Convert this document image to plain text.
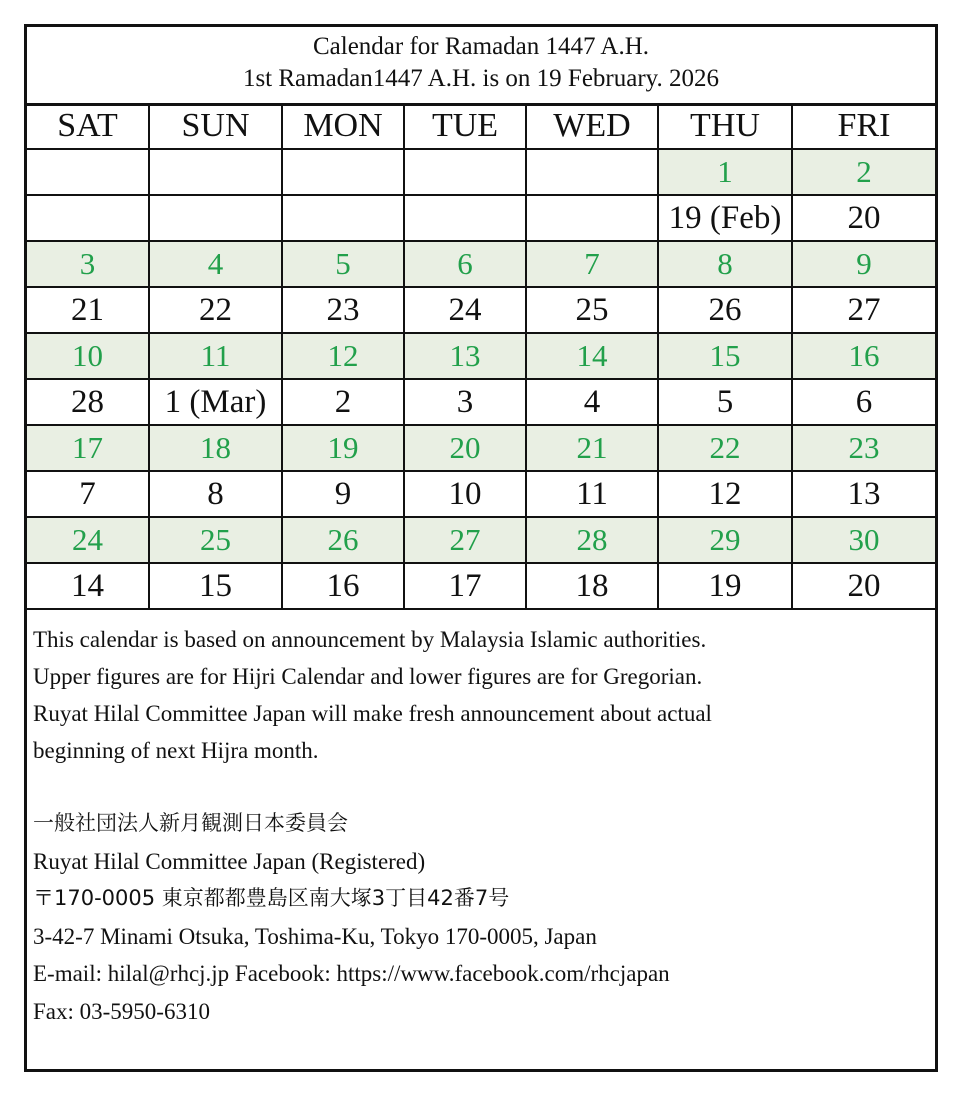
Calendar for Ramadan 1447 A.H.
1st Ramadan1447 A.H. is on 19 February. 2026
SAT	SUN	MON	TUE	WED	THU	FRI
					1	2
					19 (Feb)	20
3	4	5	6	7	8	9
21	22	23	24	25	26	27
10	11	12	13	14	15	16
28	1 (Mar)	2	3	4	5	6
17	18	19	20	21	22	23
7	8	9	10	11	12	13
24	25	26	27	28	29	30
14	15	16	17	18	19	20
This calendar is based on announcement by Malaysia Islamic authorities.
Upper figures are for Hijri Calendar and lower figures are for Gregorian.
Ruyat Hilal Committee Japan will make fresh announcement about actual
beginning of next Hijra month.
一般社団法人新月観測日本委員会
Ruyat Hilal Committee Japan (Registered)
〒170-0005 東京都都豊島区南大塚3丁目42番7号
3-42-7 Minami Otsuka, Toshima-Ku, Tokyo 170-0005, Japan
E-mail: hilal@rhcj.jp Facebook: https://www.facebook.com/rhcjapan
Fax: 03-5950-6310
